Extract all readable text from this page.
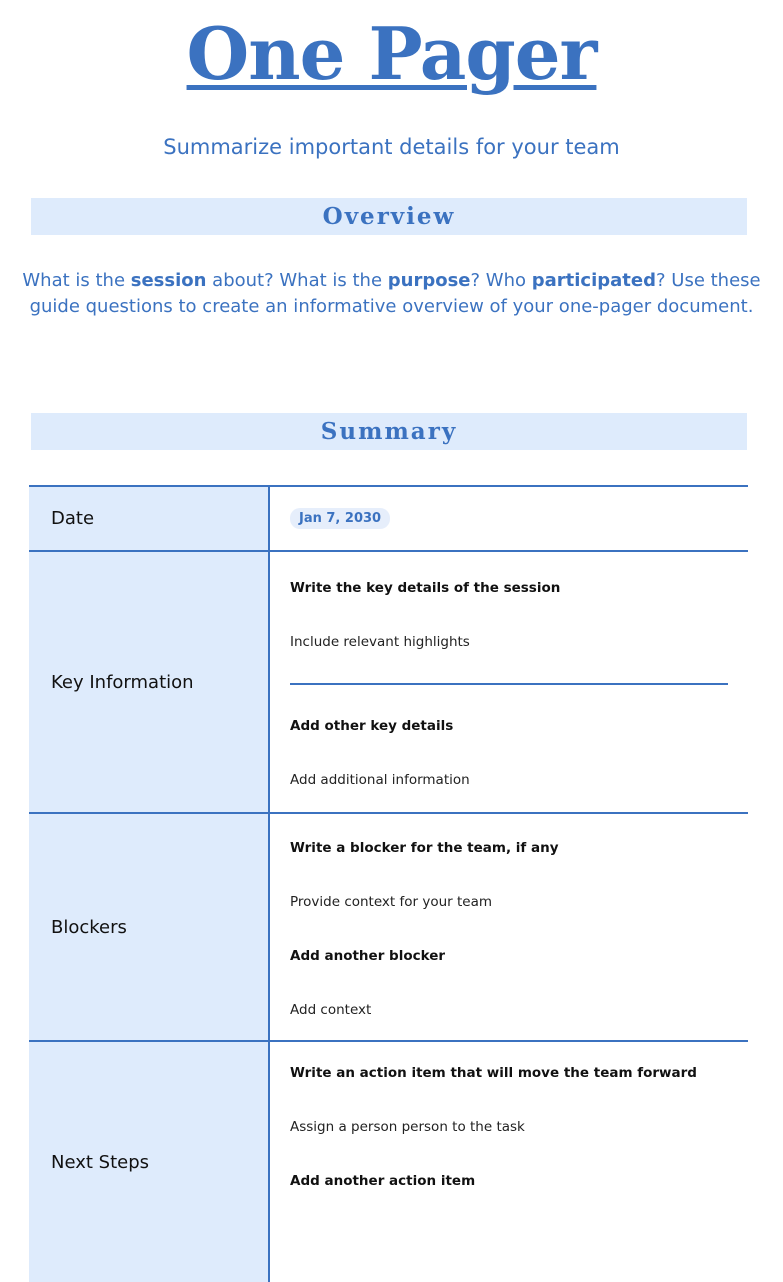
One Pager
Summarize important details for your team
Overview
What is the session about? What is the purpose? Who participated? Use these guide questions to create an informative overview of your one-pager document.
Summary
Date	Jan 7, 2030
Key Information	Write the key details of the session
Include relevant highlights
Add other key details
Add additional information

Blockers	Write a blocker for the team, if any
Provide context for your team
Add another blocker
Add context

Next Steps	Write an action item that will move the team forward
Assign a person person to the task
Add another action item
